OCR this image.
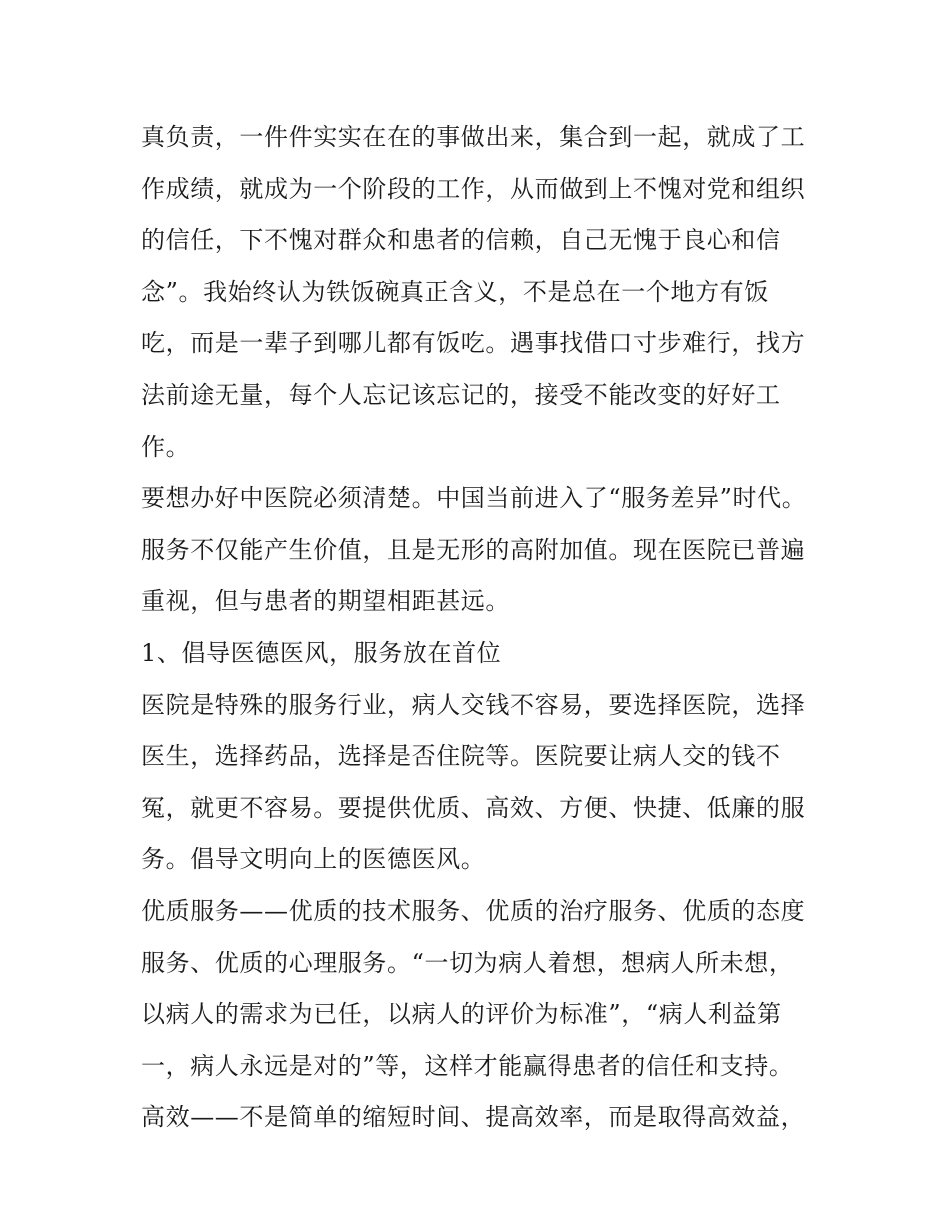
真负责，一件件实实在在的事做出来，集合到一起，就成了工
作成绩，就成为一个阶段的工作，从而做到上不愧对党和组织
的信任，下不愧对群众和患者的信赖，自己无愧于良心和信
念”。我始终认为铁饭碗真正含义，不是总在一个地方有饭
吃，而是一辈子到哪儿都有饭吃。遇事找借口寸步难行，找方
法前途无量，每个人忘记该忘记的，接受不能改变的好好工
作。
要想办好中医院必须清楚。中国当前进入了“服务差异”时代。
服务不仅能产生价值，且是无形的高附加值。现在医院已普遍
重视，但与患者的期望相距甚远。
1、倡导医德医风，服务放在首位
医院是特殊的服务行业，病人交钱不容易，要选择医院，选择
医生，选择药品，选择是否住院等。医院要让病人交的钱不
冤，就更不容易。要提供优质、高效、方便、快捷、低廉的服
务。倡导文明向上的医德医风。
优质服务——优质的技术服务、优质的治疗服务、优质的态度
服务、优质的心理服务。“一切为病人着想，想病人所未想，
以病人的需求为已任，以病人的评价为标准”，“病人利益第
一，病人永远是对的”等，这样才能赢得患者的信任和支持。
高效——不是简单的缩短时间、提高效率，而是取得高效益，
